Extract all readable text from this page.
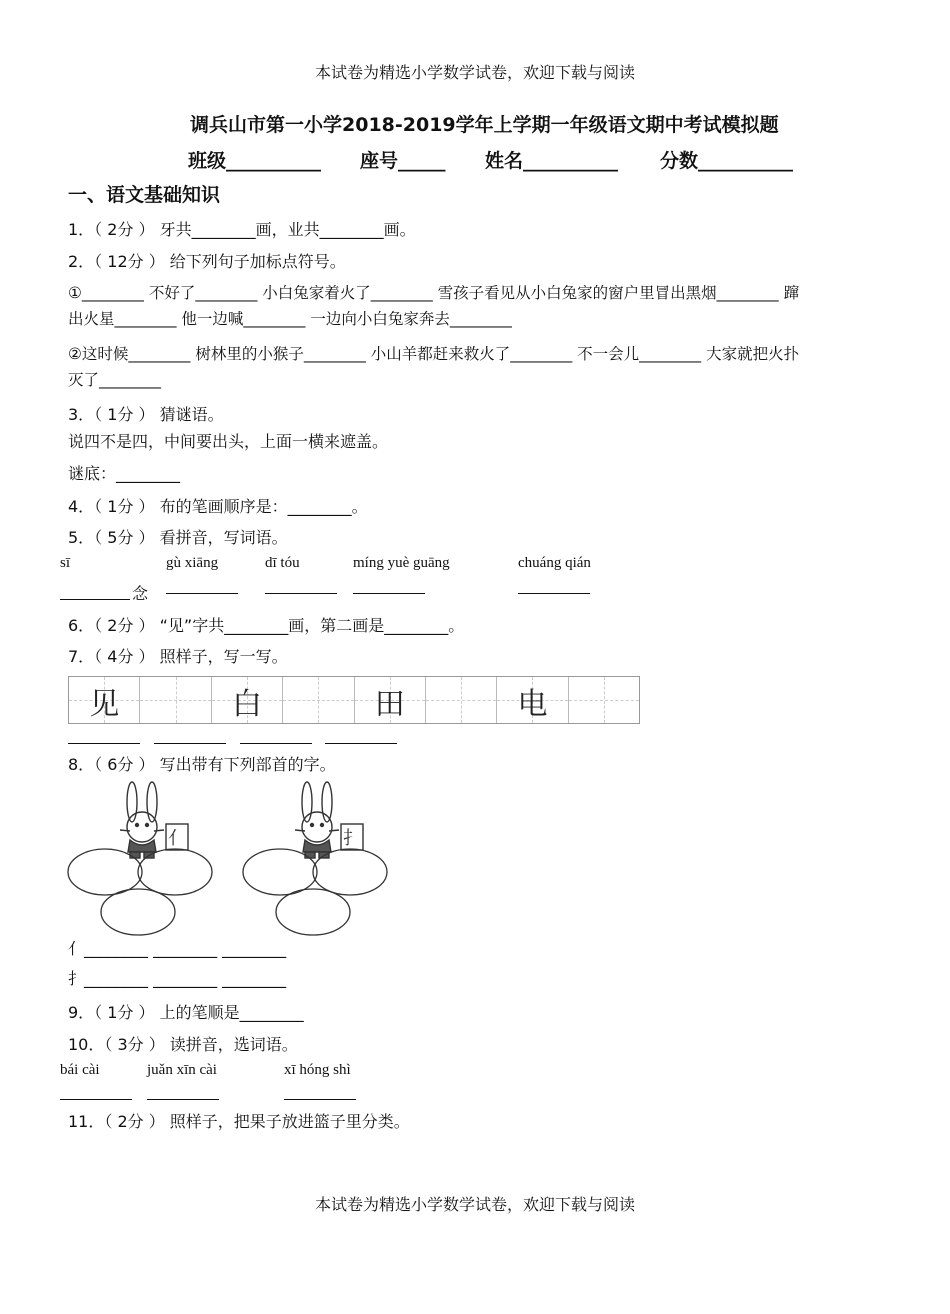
本试卷为精选小学数学试卷，欢迎下载与阅读
调兵山市第一小学2018-2019学年上学期一年级语文期中考试模拟题
班级__________ 座号_____ 姓名__________ 分数__________
一、语文基础知识
1．（ 2分 ） 牙共________画，业共________画。
2．（ 12分 ） 给下列句子加标点符号。
①________ 不好了________ 小白兔家着火了________ 雪孩子看见从小白兔家的窗户里冒出黑烟________ 蹿
出火星________ 他一边喊________ 一边向小白兔家奔去________
②这时候________ 树林里的小猴子________ 小山羊都赶来救火了________ 不一会儿________ 大家就把火扑
灭了________
3．（ 1分 ） 猜谜语。
说四不是四，中间要出头，上面一横来遮盖。
谜底：________
4．（ 1分 ） 布的笔画顺序是：________。
5．（ 5分 ） 看拼音，写词语。
sī	gù xiāng	dī tóu	míng yuè guāng	chuáng qián
念
6．（ 2分 ） “见”字共________画，第二画是________。
7．（ 4分 ） 照样子，写一写。
见	白	田	电
8．（ 6分 ） 写出带有下列部首的字。
亻	扌
亻________ ________ ________
扌________ ________ ________
9．（ 1分 ） 上的笔顺是________
10．（ 3分 ） 读拼音，选词语。
bái cài	juǎn xīn cài	xī hóng shì
11．（ 2分 ） 照样子，把果子放进篮子里分类。
本试卷为精选小学数学试卷，欢迎下载与阅读
